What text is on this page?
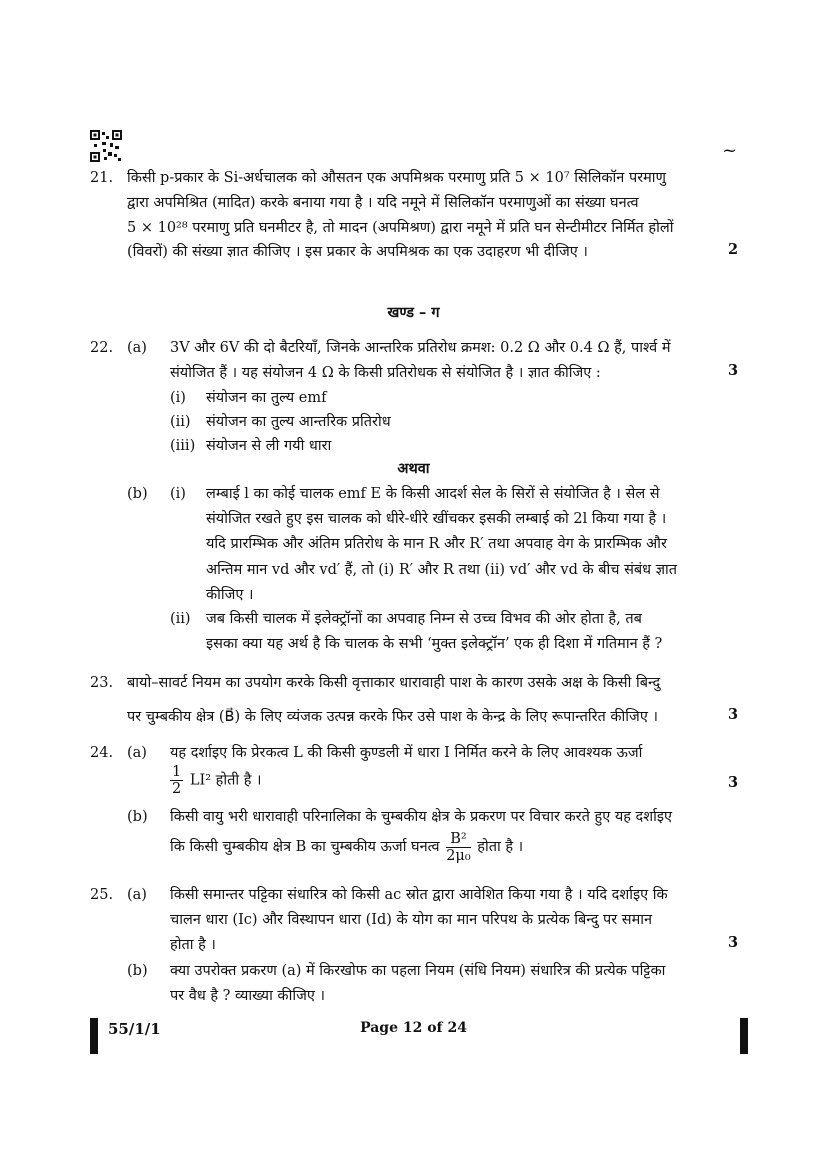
~
21. किसी p-प्रकार के Si-अर्धचालक को औसतन एक अपमिश्रक परमाणु प्रति 5 × 10⁷ सिलिकॉन परमाणु
द्वारा अपमिश्रित (मादित) करके बनाया गया है । यदि नमूने में सिलिकॉन परमाणुओं का संख्या घनत्व
5 × 10²⁸ परमाणु प्रति घनमीटर है, तो मादन (अपमिश्रण) द्वारा नमूने में प्रति घन सेन्टीमीटर निर्मित होलों
(विवरों) की संख्या ज्ञात कीजिए । इस प्रकार के अपमिश्रक का एक उदाहरण भी दीजिए ।	2
खण्ड – ग
22. (a) 3V और 6V की दो बैटरियाँ, जिनके आन्तरिक प्रतिरोध क्रमश: 0.2 Ω और 0.4 Ω हैं, पार्श्व में
संयोजित हैं । यह संयोजन 4 Ω के किसी प्रतिरोधक से संयोजित है । ज्ञात कीजिए :	3
(i) संयोजन का तुल्य emf
(ii) संयोजन का तुल्य आन्तरिक प्रतिरोध
(iii) संयोजन से ली गयी धारा
अथवा
(b) (i) लम्बाई l का कोई चालक emf E के किसी आदर्श सेल के सिरों से संयोजित है । सेल से
संयोजित रखते हुए इस चालक को धीरे-धीरे खींचकर इसकी लम्बाई को 2l किया गया है ।
यदि प्रारम्भिक और अंतिम प्रतिरोध के मान R और R′ तथा अपवाह वेग के प्रारम्भिक और
अन्तिम मान vd और vd′ हैं, तो (i) R′ और R तथा (ii) vd′ और vd के बीच संबंध ज्ञात
कीजिए ।
(ii) जब किसी चालक में इलेक्ट्रॉनों का अपवाह निम्न से उच्च विभव की ओर होता है, तब
इसका क्या यह अर्थ है कि चालक के सभी ‘मुक्त इलेक्ट्रॉन’ एक ही दिशा में गतिमान हैं ?
23. बायो–सावर्ट नियम का उपयोग करके किसी वृत्ताकार धारावाही पाश के कारण उसके अक्ष के किसी बिन्दु
पर चुम्बकीय क्षेत्र (B⃗) के लिए व्यंजक उत्पन्न करके फिर उसे पाश के केन्द्र के लिए रूपान्तरित कीजिए ।	3
24. (a) यह दर्शाइए कि प्रेरकत्व L की किसी कुण्डली में धारा I निर्मित करने के लिए आवश्यक ऊर्जा
$\frac{1}{2} LI^2$ होती है ।	3
(b) किसी वायु भरी धारावाही परिनालिका के चुम्बकीय क्षेत्र के प्रकरण पर विचार करते हुए यह दर्शाइए
कि किसी चुम्बकीय क्षेत्र B का चुम्बकीय ऊर्जा घनत्व $\frac{\text{B²}}{\text{2μ₀}}$ होता है ।
25. (a) किसी समान्तर पट्टिका संधारित्र को किसी ac स्रोत द्वारा आवेशित किया गया है । यदि दर्शाइए कि
चालन धारा (Ic) और विस्थापन धारा (Id) के योग का मान परिपथ के प्रत्येक बिन्दु पर समान
होता है ।	3
(b) क्या उपरोक्त प्रकरण (a) में किरखोफ का पहला नियम (संधि नियम) संधारित्र की प्रत्येक पट्टिका
पर वैध है ? व्याख्या कीजिए ।
55/1/1	Page 12 of 24
